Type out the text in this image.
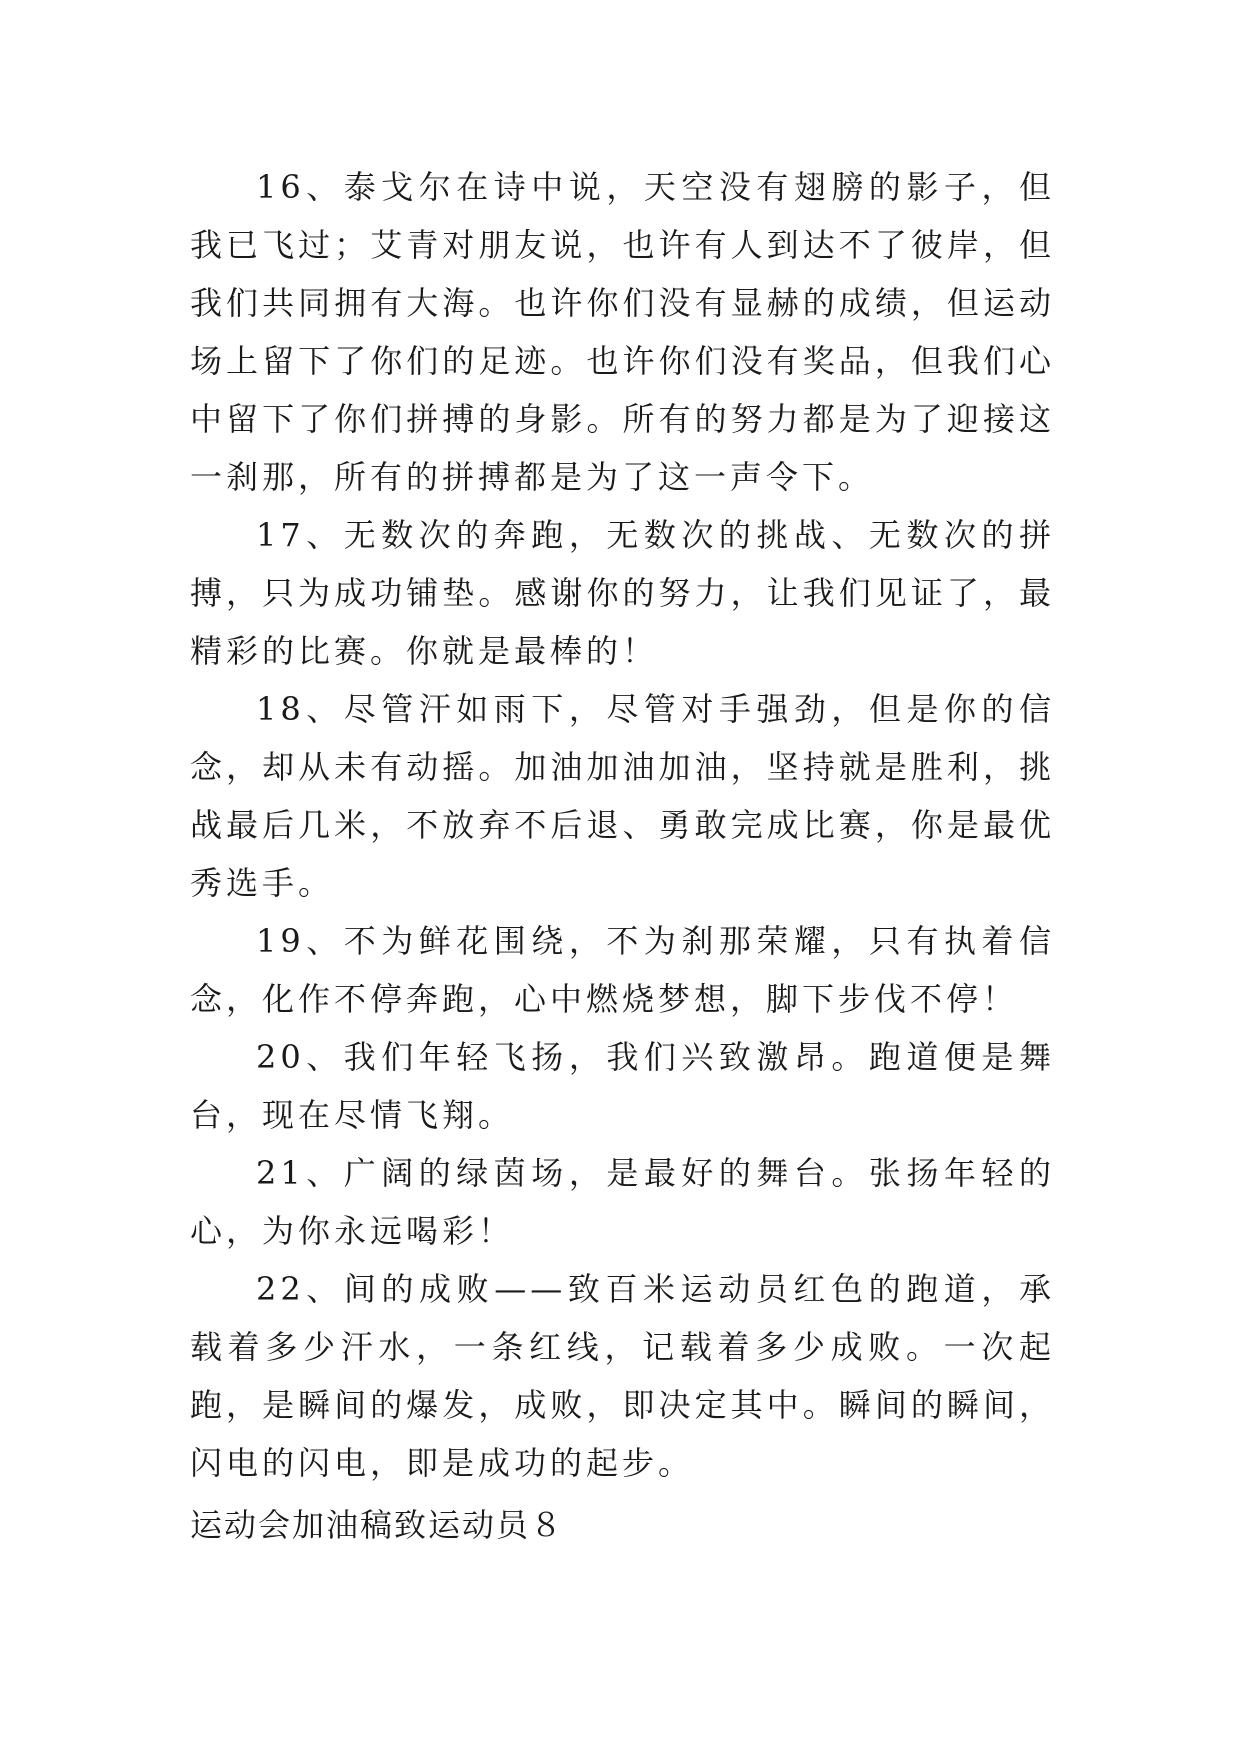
16、泰戈尔在诗中说，天空没有翅膀的影子，但我已飞过；艾青对朋友说，也许有人到达不了彼岸，但我们共同拥有大海。也许你们没有显赫的成绩，但运动场上留下了你们的足迹。也许你们没有奖品，但我们心中留下了你们拼搏的身影。所有的努力都是为了迎接这一刹那，所有的拼搏都是为了这一声令下。

17、无数次的奔跑，无数次的挑战、无数次的拼搏，只为成功铺垫。感谢你的努力，让我们见证了，最精彩的比赛。你就是最棒的！

18、尽管汗如雨下，尽管对手强劲，但是你的信念，却从未有动摇。加油加油加油，坚持就是胜利，挑战最后几米，不放弃不后退、勇敢完成比赛，你是最优秀选手。

19、不为鲜花围绕，不为刹那荣耀，只有执着信念，化作不停奔跑，心中燃烧梦想，脚下步伐不停！

20、我们年轻飞扬，我们兴致激昂。跑道便是舞台，现在尽情飞翔。

21、广阔的绿茵场，是最好的舞台。张扬年轻的心，为你永远喝彩！

22、间的成败——致百米运动员红色的跑道，承载着多少汗水，一条红线，记载着多少成败。一次起跑，是瞬间的爆发，成败，即决定其中。瞬间的瞬间，闪电的闪电，即是成功的起步。

运动会加油稿致运动员８
